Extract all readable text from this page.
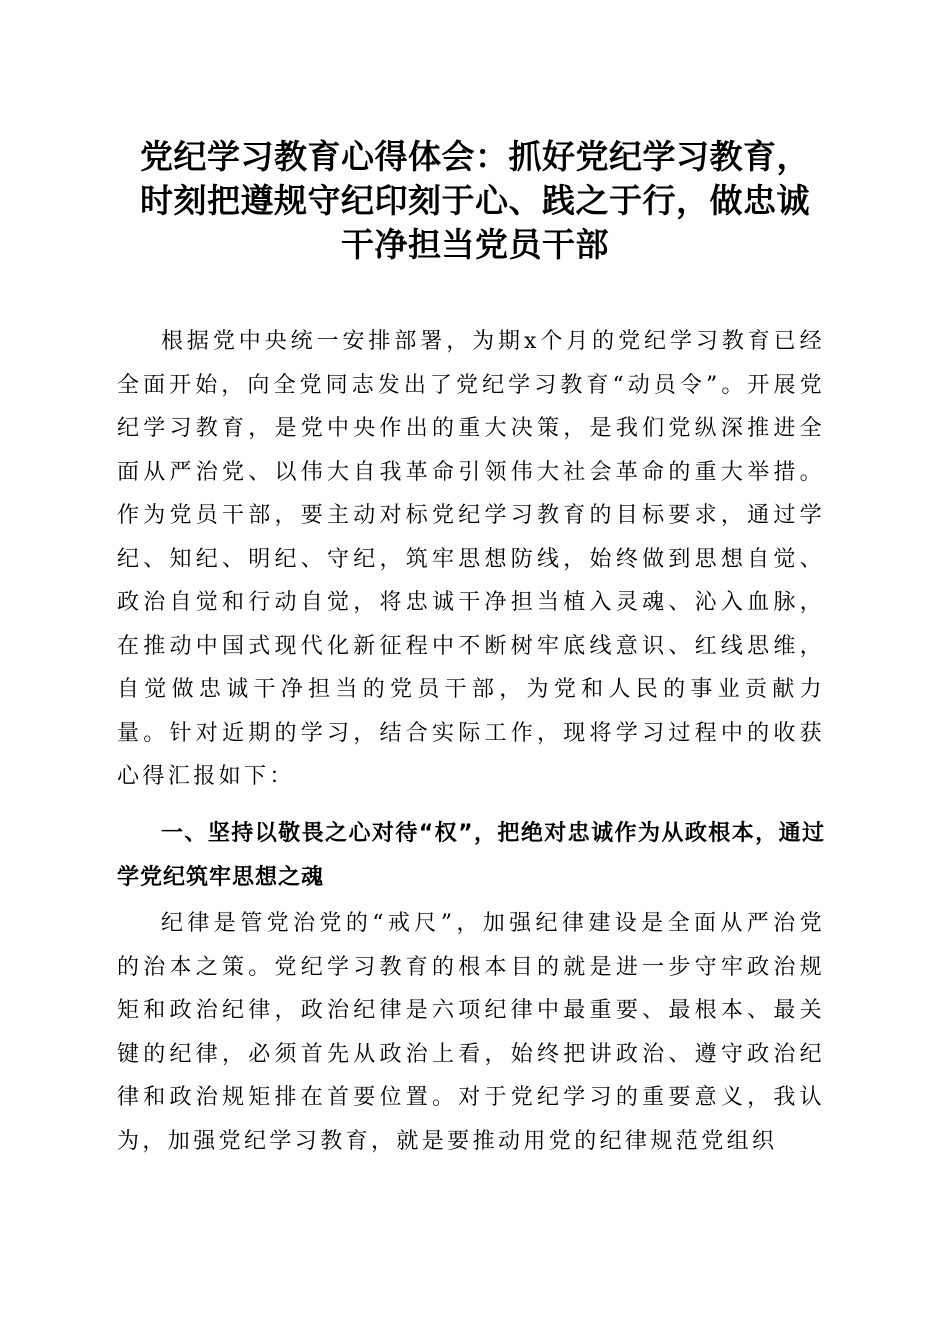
党纪学习教育心得体会：抓好党纪学习教育，
时刻把遵规守纪印刻于心、践之于行，做忠诚
干净担当党员干部

根据党中央统一安排部署，为期x个月的党纪学习教育已经全面开始，向全党同志发出了党纪学习教育“动员令”。开展党纪学习教育，是党中央作出的重大决策，是我们党纵深推进全面从严治党、以伟大自我革命引领伟大社会革命的重大举措。作为党员干部，要主动对标党纪学习教育的目标要求，通过学纪、知纪、明纪、守纪，筑牢思想防线，始终做到思想自觉、政治自觉和行动自觉，将忠诚干净担当植入灵魂、沁入血脉，在推动中国式现代化新征程中不断树牢底线意识、红线思维，自觉做忠诚干净担当的党员干部，为党和人民的事业贡献力量。针对近期的学习，结合实际工作，现将学习过程中的收获心得汇报如下：

一、坚持以敬畏之心对待“权”，把绝对忠诚作为从政根本，通过学党纪筑牢思想之魂

纪律是管党治党的“戒尺”，加强纪律建设是全面从严治党的治本之策。党纪学习教育的根本目的就是进一步守牢政治规矩和政治纪律，政治纪律是六项纪律中最重要、最根本、最关键的纪律，必须首先从政治上看，始终把讲政治、遵守政治纪律和政治规矩排在首要位置。对于党纪学习的重要意义，我认为，加强党纪学习教育，就是要推动用党的纪律规范党组织
